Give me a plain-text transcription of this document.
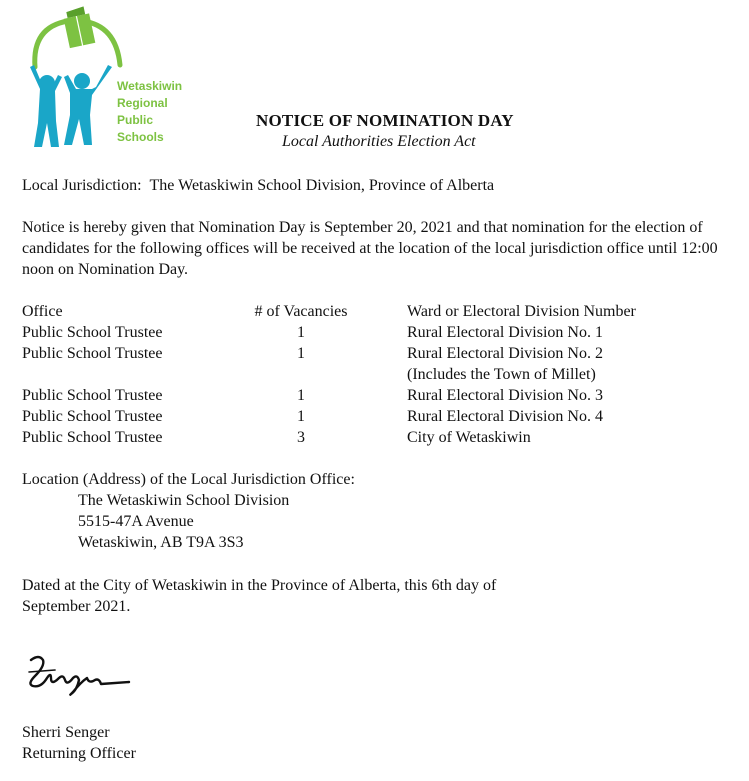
Wetaskiwin
Regional
Public
Schools
NOTICE OF NOMINATION DAY
Local Authorities Election Act
Local Jurisdiction: The Wetaskiwin School Division, Province of Alberta
Notice is hereby given that Nomination Day is September 20, 2021 and that nomination for the election of candidates for the following offices will be received at the location of the local jurisdiction office until 12:00 noon on Nomination Day.
Office	# of Vacancies	Ward or Electoral Division Number
Public School Trustee	1	Rural Electoral Division No. 1
Public School Trustee	1	Rural Electoral Division No. 2
(Includes the Town of Millet)
Public School Trustee	1	Rural Electoral Division No. 3
Public School Trustee	1	Rural Electoral Division No. 4
Public School Trustee	3	City of Wetaskiwin
Location (Address) of the Local Jurisdiction Office:
The Wetaskiwin School Division
5515-47A Avenue
Wetaskiwin, AB T9A 3S3
Dated at the City of Wetaskiwin in the Province of Alberta, this 6th day of
September 2021.
Sherri Senger
Returning Officer
